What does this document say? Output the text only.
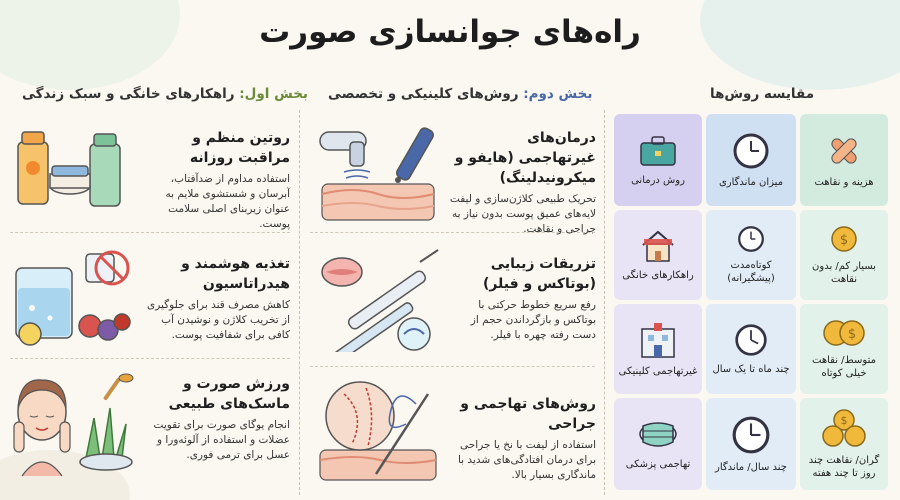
راه‌های جوانسازی صورت
بخش اول: راهکارهای خانگی و سبک زندگی	بخش دوم: روش‌های کلینیکی و تخصصی	مقایسه روش‌ها
روتین منظم و مراقبت روزانه

استفاده مداوم از ضدآفتاب، آبرسان و شستشوی ملایم به عنوان زیربنای اصلی سلامت پوست.

تغذیه هوشمند و هیدراتاسیون

کاهش مصرف قند برای جلوگیری از تخریب کلاژن و نوشیدن آب کافی برای شفافیت پوست.

ورزش صورت و ماسک‌های طبیعی

انجام یوگای صورت برای تقویت عضلات و استفاده از آلوئه‌ورا و عسل برای ترمی فوری.

درمان‌های غیرتهاجمی (هایفو و میکرونیدلینگ)

تحریک طبیعی کلاژن‌سازی و لیفت لایه‌های عمیق پوست بدون نیاز به جراحی و نقاهت.

تزریقات زیبایی (بوتاکس و فیلر)

رفع سریع خطوط حرکتی با بوتاکس و بازگرداندن حجم از دست رفته چهره با فیلر.

روش‌های تهاجمی و جراحی

استفاده از لیفت با نخ یا جراحی برای درمان افتادگی‌های شدید با ماندگاری بسیار بالا.

هزینه و نقاهت
میزان ماندگاری
روش درمانی
$
بسیار کم/ بدون نقاهت
کوتاه‌مدت (پیشگیرانه)
راهکارهای خانگی
$
متوسط/ نقاهت خیلی کوتاه
چند ماه تا یک سال
غیرتهاجمی کلینیکی
$
گران/ نقاهت چند روز تا چند هفته
چند سال/ ماندگار
تهاجمی پزشکی
